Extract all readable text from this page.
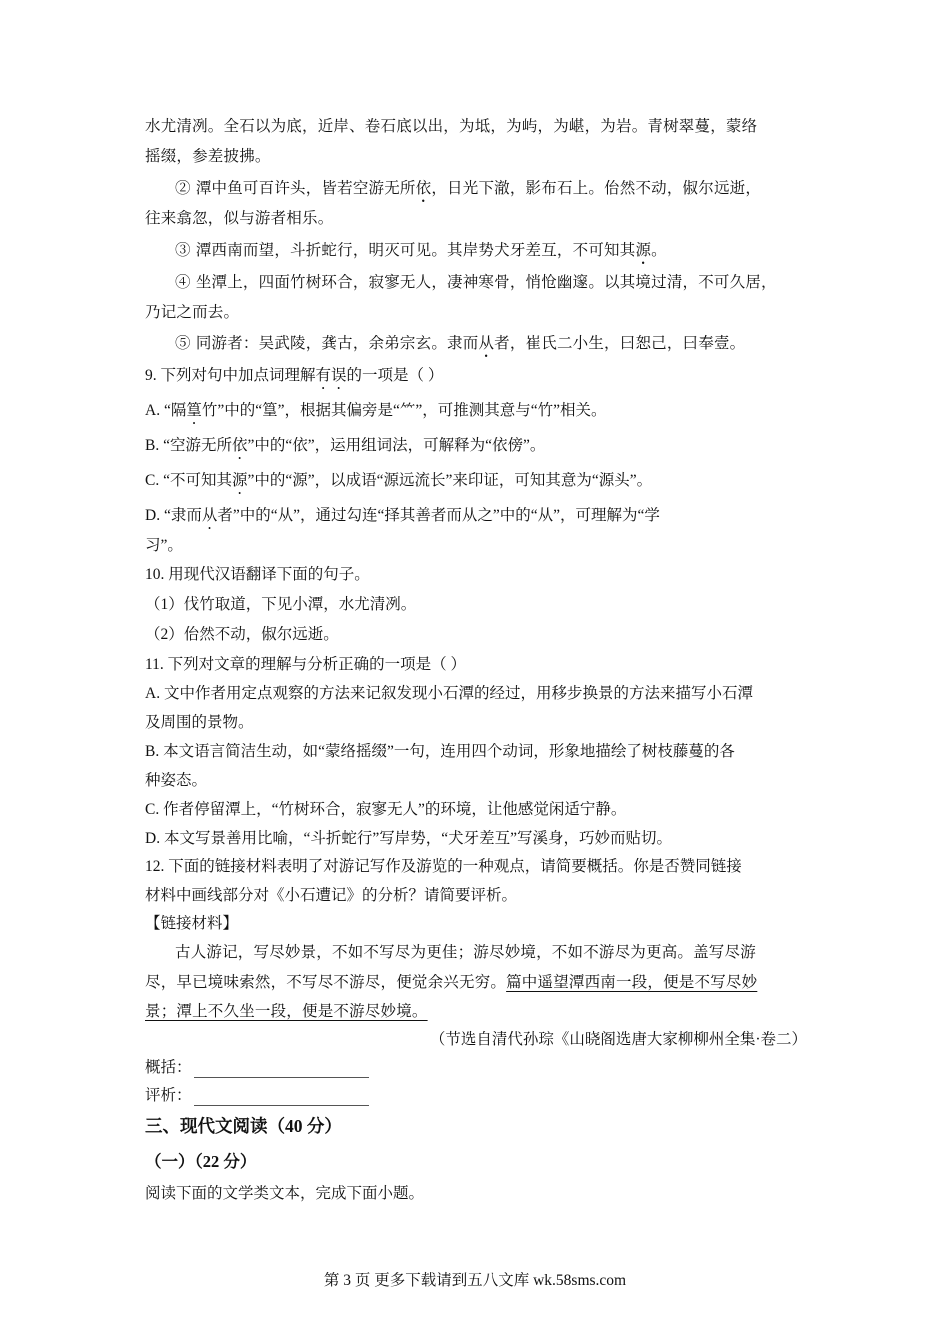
水尤清冽。全石以为底，近岸、卷石底以出，为坻，为屿，为嵁，为岩。青树翠蔓，蒙络
摇缀，参差披拂。
② 潭中鱼可百许头，皆若空游无所依，日光下澈，影布石上。佁然不动，俶尔远逝，
往来翕忽，似与游者相乐。
③ 潭西南而望，斗折蛇行，明灭可见。其岸势犬牙差互，不可知其源。
④ 坐潭上，四面竹树环合，寂寥无人，凄神寒骨，悄怆幽邃。以其境过清，不可久居，
乃记之而去。
⑤ 同游者：吴武陵，龚古，余弟宗玄。隶而从者，崔氏二小生，曰恕己，曰奉壹。
9. 下列对句中加点词理解有误的一项是（ ）
A. “隔篁竹”中的“篁”，根据其偏旁是“⺮”，可推测其意与“竹”相关。
B. “空游无所依”中的“依”，运用组词法，可解释为“依傍”。
C. “不可知其源”中的“源”，以成语“源远流长”来印证，可知其意为“源头”。
D. “隶而从者”中的“从”，通过勾连“择其善者而从之”中的“从”，可理解为“学
习”。
10. 用现代汉语翻译下面的句子。
（1）伐竹取道，下见小潭，水尤清冽。
（2）佁然不动，俶尔远逝。
11. 下列对文章的理解与分析正确的一项是（ ）
A. 文中作者用定点观察的方法来记叙发现小石潭的经过，用移步换景的方法来描写小石潭
及周围的景物。
B. 本文语言简洁生动，如“蒙络摇缀”一句，连用四个动词，形象地描绘了树枝藤蔓的各
种姿态。
C. 作者停留潭上，“竹树环合，寂寥无人”的环境，让他感觉闲适宁静。
D. 本文写景善用比喻，“斗折蛇行”写岸势，“犬牙差互”写溪身，巧妙而贴切。
12. 下面的链接材料表明了对游记写作及游览的一种观点，请简要概括。你是否赞同链接
材料中画线部分对《小石遭记》的分析？请简要评析。
【链接材料】
古人游记，写尽妙景，不如不写尽为更佳；游尽妙境，不如不游尽为更高。盖写尽游
尽，早已境味索然，不写尽不游尽，便觉余兴无穷。篇中遥望潭西南一段，便是不写尽妙
景；潭上不久坐一段，便是不游尽妙境。
（节选自清代孙琮《山晓阁选唐大家柳柳州全集·卷二）
概括：
评析：
三、现代文阅读（40 分）
（一）（22 分）
阅读下面的文学类文本，完成下面小题。
第 3 页 更多下载请到五八文库 wk.58sms.com
